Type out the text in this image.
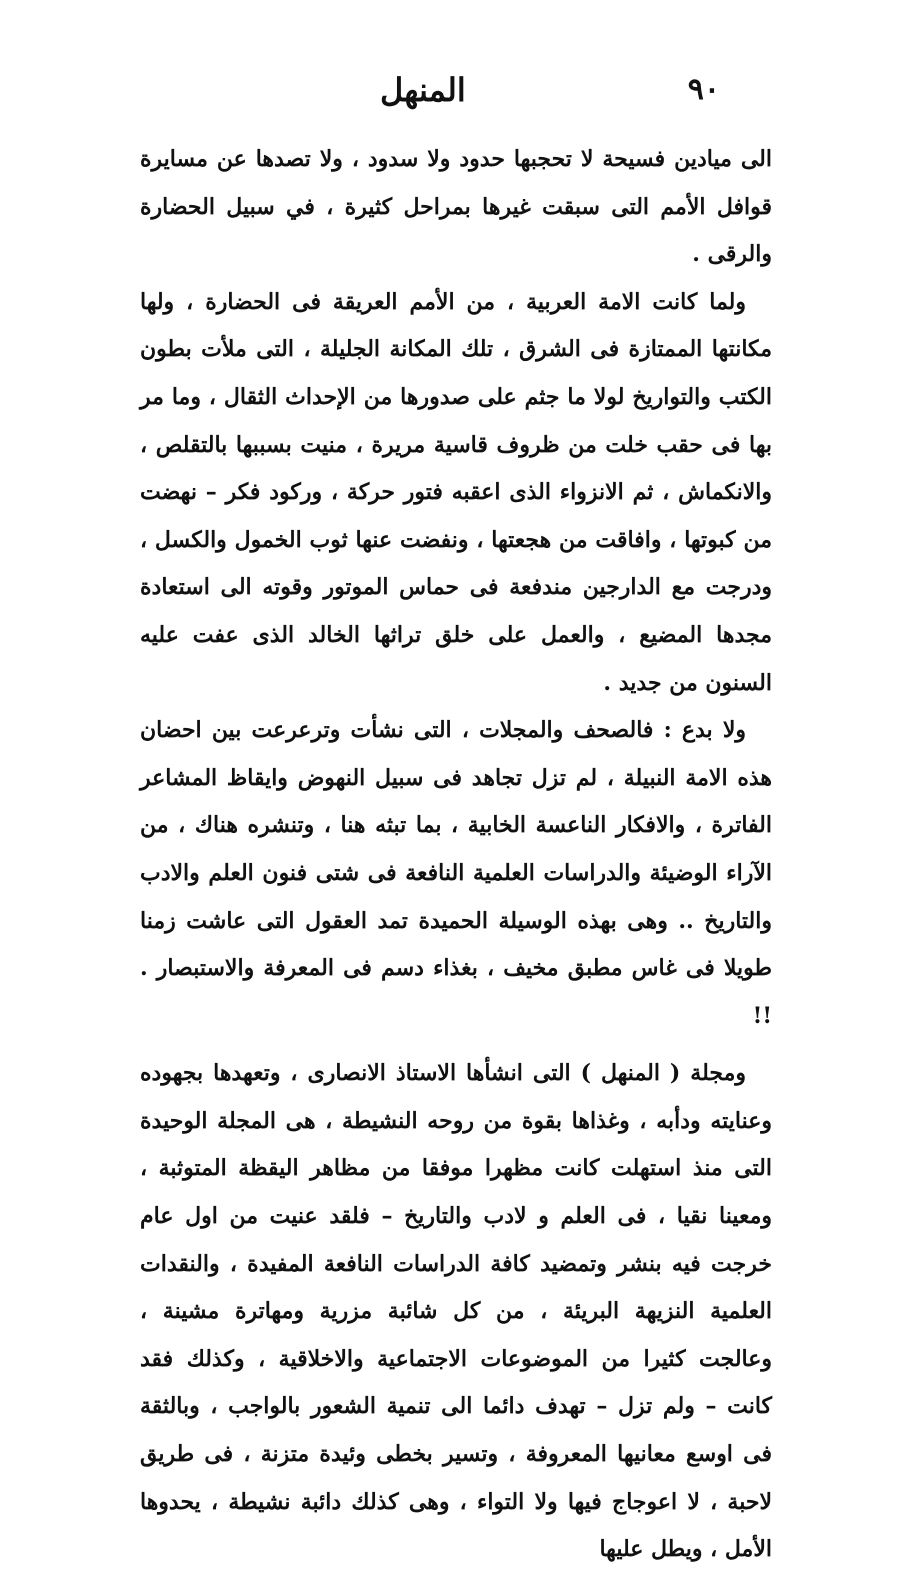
٩٠
المنهل

الى ميادين فسيحة لا تحجبها حدود ولا سدود ، ولا تصدها عن مسايرة قوافل الأمم التى سبقت غيرها بمراحل كثيرة ، في سبيل الحضارة والرقى .

ولما كانت الامة العربية ، من الأمم العريقة فى الحضارة ، ولها مكانتها الممتازة فى الشرق ، تلك المكانة الجليلة ، التى ملأت بطون الكتب والتواريخ لولا ما جثم على صدورها من الإحداث الثقال ، وما مر بها فى حقب خلت من ظروف قاسية مريرة ، منيت بسببها بالتقلص ، والانكماش ، ثم الانزواء الذى اعقبه فتور حركة ، وركود فكر – نهضت من كبوتها ، وافاقت من هجعتها ، ونفضت عنها ثوب الخمول والكسل ، ودرجت مع الدارجين مندفعة فى حماس الموتور وقوته الى استعادة مجدها المضيع ، والعمل على خلق تراثها الخالد الذى عفت عليه السنون من جديد .

ولا بدع : فالصحف والمجلات ، التى نشأت وترعرعت بين احضان هذه الامة النبيلة ، لم تزل تجاهد فى سبيل النهوض وايقاظ المشاعر الفاترة ، والافكار الناعسة الخابية ، بما تبثه هنا ، وتنشره هناك ، من الآراء الوضيئة والدراسات العلمية النافعة فى شتى فنون العلم والادب والتاريخ .. وهى بهذه الوسيلة الحميدة تمد العقول التى عاشت زمنا طويلا فى غاس مطبق مخيف ، بغذاء دسم فى المعرفة والاستبصار . !!

ومجلة ( المنهل ) التى انشأها الاستاذ الانصارى ، وتعهدها بجهوده وعنايته ودأبه ، وغذاها بقوة من روحه النشيطة ، هى المجلة الوحيدة التى منذ استهلت كانت مظهرا موفقا من مظاهر اليقظة المتوثبة ، ومعينا نقيا ، فى العلم و لادب والتاريخ – فلقد عنيت من اول عام خرجت فيه بنشر وتمضيد كافة الدراسات النافعة المفيدة ، والنقدات العلمية النزيهة البريئة ، من كل شائبة مزرية ومهاترة مشينة ، وعالجت كثيرا من الموضوعات الاجتماعية والاخلاقية ، وكذلك فقد كانت – ولم تزل – تهدف دائما الى تنمية الشعور بالواجب ، وبالثقة فى اوسع معانيها المعروفة ، وتسير بخطى وئيدة متزنة ، فى طريق لاحبة ، لا اعوجاج فيها ولا التواء ، وهى كذلك دائبة نشيطة ، يحدوها الأمل ، ويطل عليها
